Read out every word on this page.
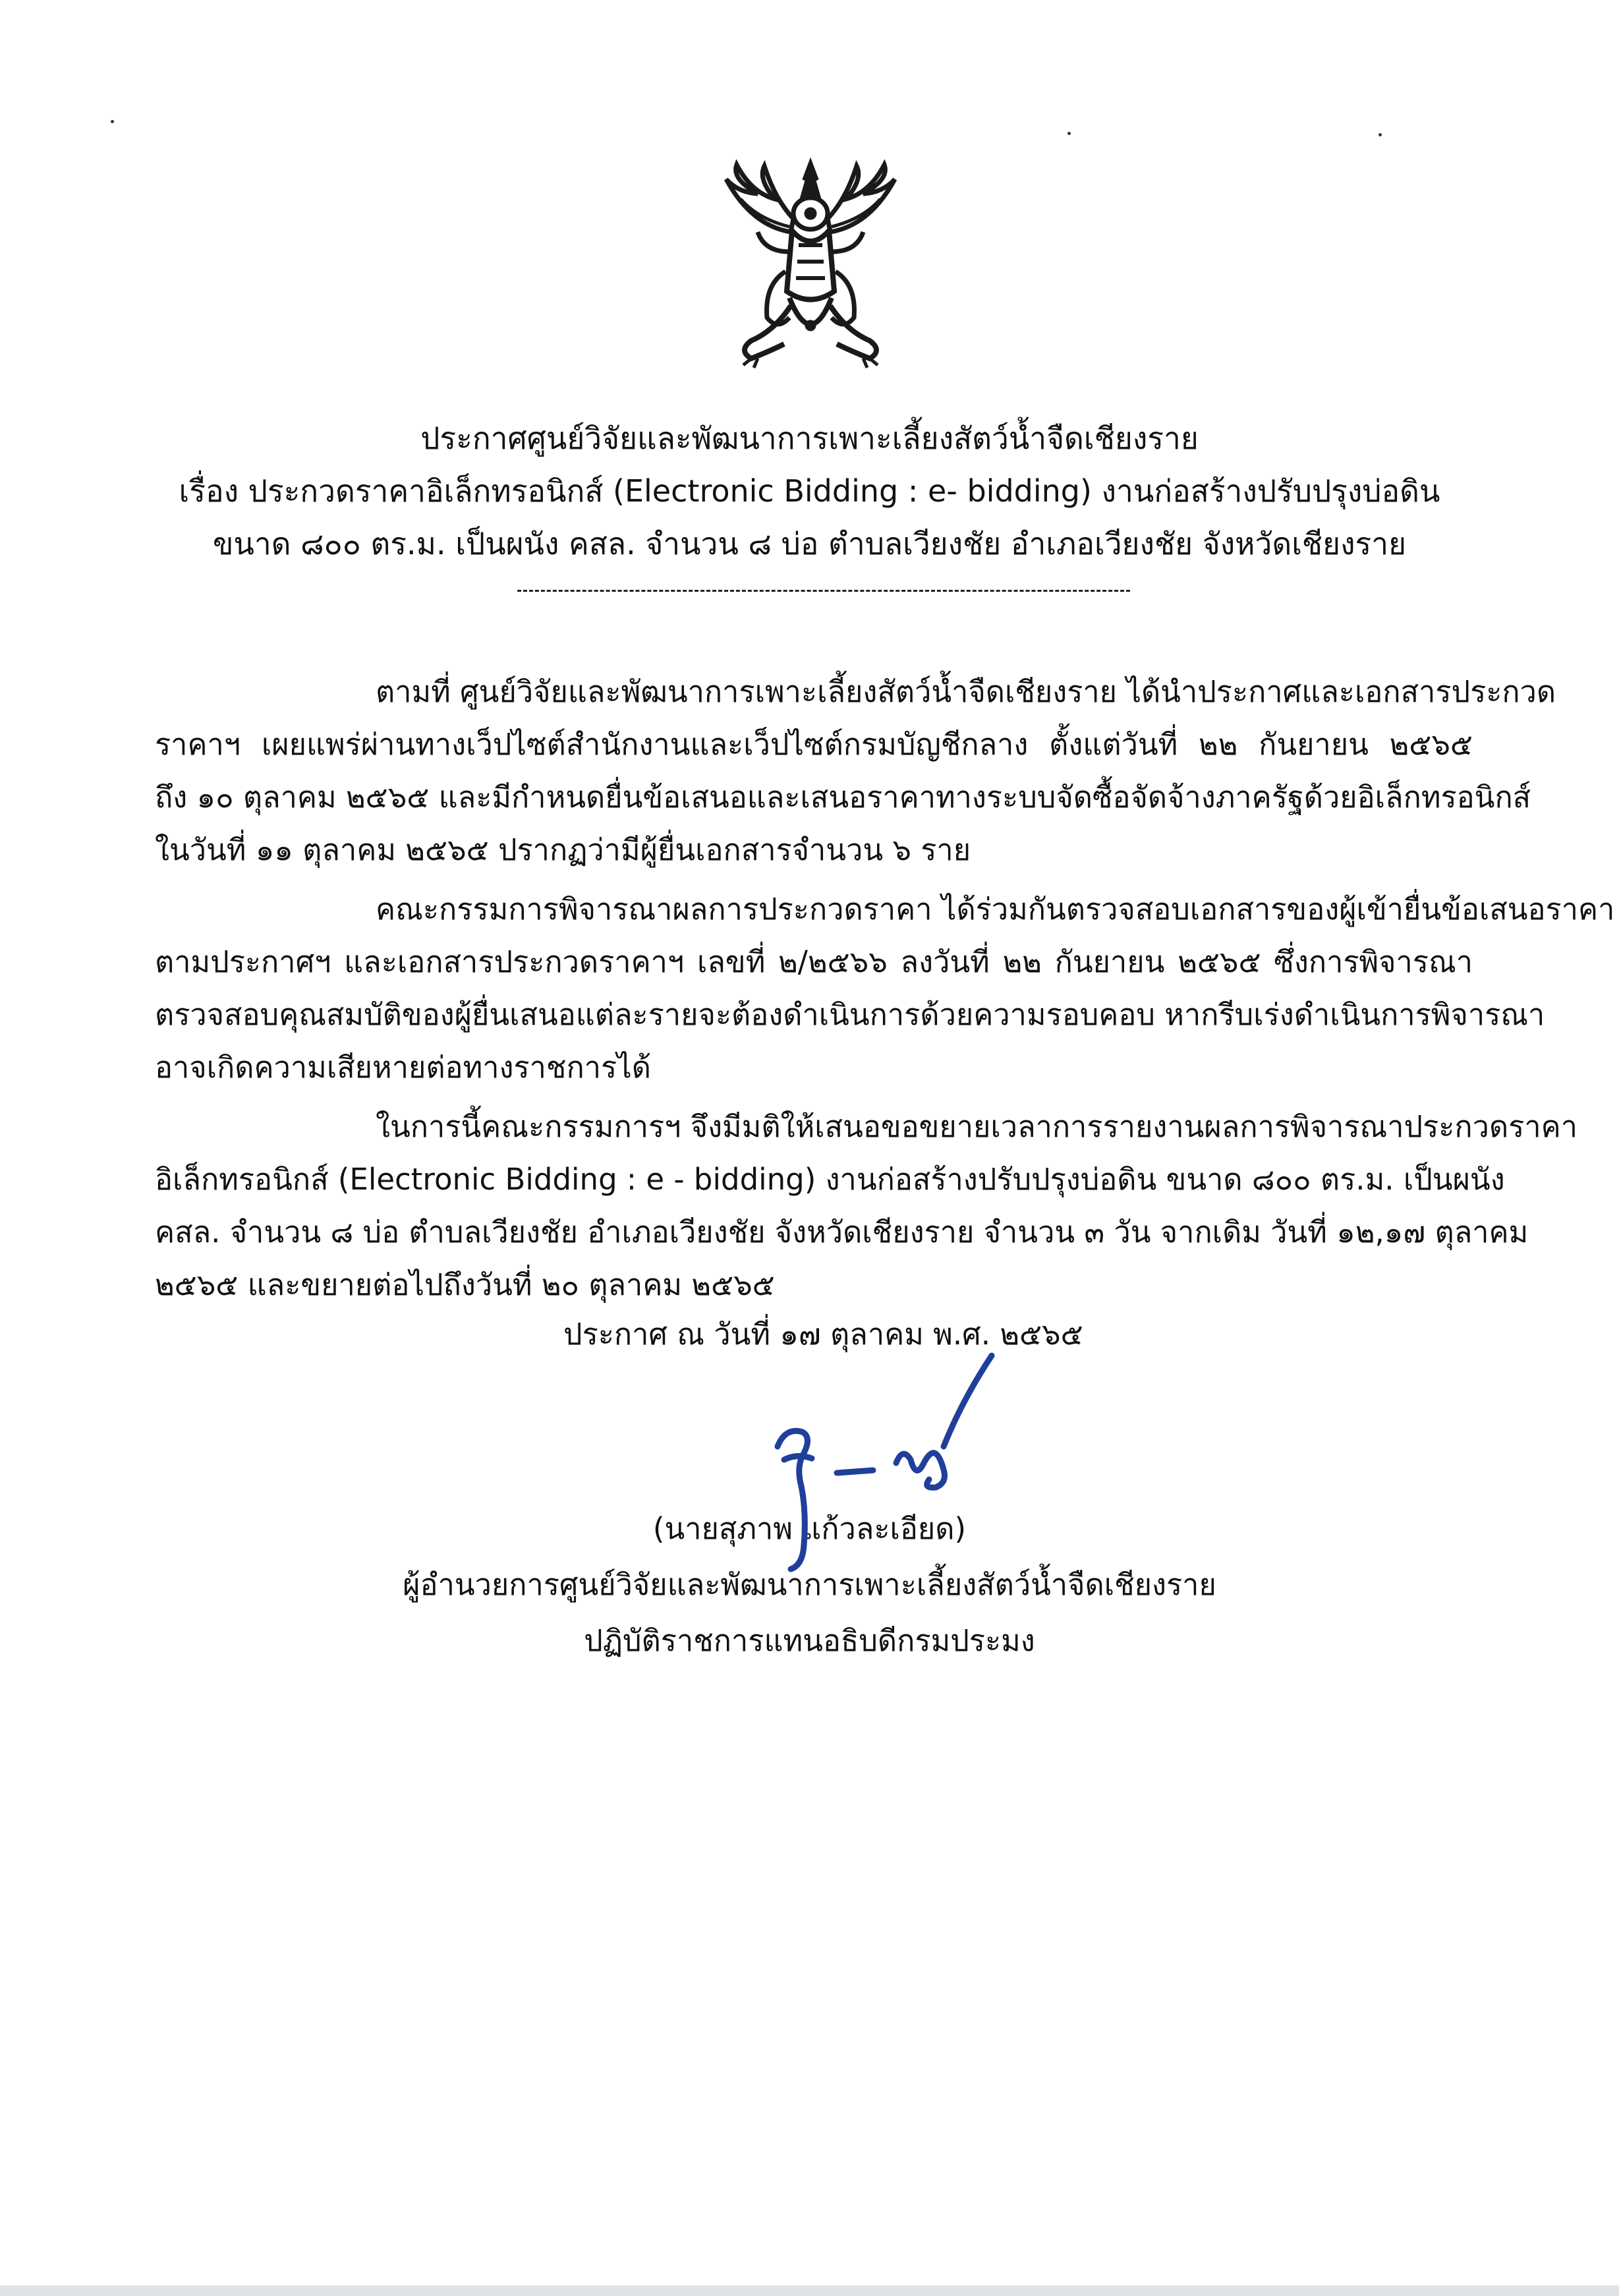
ประกาศศูนย์วิจัยและพัฒนาการเพาะเลี้ยงสัตว์น้ำจืดเชียงราย
เรื่อง ประกวดราคาอิเล็กทรอนิกส์ (Electronic Bidding : e- bidding) งานก่อสร้างปรับปรุงบ่อดิน
ขนาด ๘๐๐ ตร.ม. เป็นผนัง คสล. จำนวน ๘ บ่อ ตำบลเวียงชัย อำเภอเวียงชัย จังหวัดเชียงราย
ตามที่ ศูนย์วิจัยและพัฒนาการเพาะเลี้ยงสัตว์น้ำจืดเชียงราย ได้นำประกาศและเอกสารประกวด
ราคาฯ เผยแพร่ผ่านทางเว็ปไซต์สำนักงานและเว็ปไซต์กรมบัญชีกลาง ตั้งแต่วันที่ ๒๒ กันยายน ๒๕๖๕
ถึง ๑๐ ตุลาคม ๒๕๖๕ และมีกำหนดยื่นข้อเสนอและเสนอราคาทางระบบจัดซื้อจัดจ้างภาครัฐด้วยอิเล็กทรอนิกส์
ในวันที่ ๑๑ ตุลาคม ๒๕๖๕ ปรากฏว่ามีผู้ยื่นเอกสารจำนวน ๖ ราย
คณะกรรมการพิจารณาผลการประกวดราคา ได้ร่วมกันตรวจสอบเอกสารของผู้เข้ายื่นข้อเสนอราคา
ตามประกาศฯ และเอกสารประกวดราคาฯ เลขที่ ๒/๒๕๖๖ ลงวันที่ ๒๒ กันยายน ๒๕๖๕ ซึ่งการพิจารณา
ตรวจสอบคุณสมบัติของผู้ยื่นเสนอแต่ละรายจะต้องดำเนินการด้วยความรอบคอบ หากรีบเร่งดำเนินการพิจารณา
อาจเกิดความเสียหายต่อทางราชการได้
ในการนี้คณะกรรมการฯ จึงมีมติให้เสนอขอขยายเวลาการรายงานผลการพิจารณาประกวดราคา
อิเล็กทรอนิกส์ (Electronic Bidding : e - bidding) งานก่อสร้างปรับปรุงบ่อดิน ขนาด ๘๐๐ ตร.ม. เป็นผนัง
คสล. จำนวน ๘ บ่อ ตำบลเวียงชัย อำเภอเวียงชัย จังหวัดเชียงราย จำนวน ๓ วัน จากเดิม วันที่ ๑๒,๑๗ ตุลาคม
๒๕๖๕ และขยายต่อไปถึงวันที่ ๒๐ ตุลาคม ๒๕๖๕
ประกาศ ณ วันที่ ๑๗ ตุลาคม พ.ศ. ๒๕๖๕
(นายสุภาพ แก้วละเอียด)
ผู้อำนวยการศูนย์วิจัยและพัฒนาการเพาะเลี้ยงสัตว์น้ำจืดเชียงราย
ปฏิบัติราชการแทนอธิบดีกรมประมง
